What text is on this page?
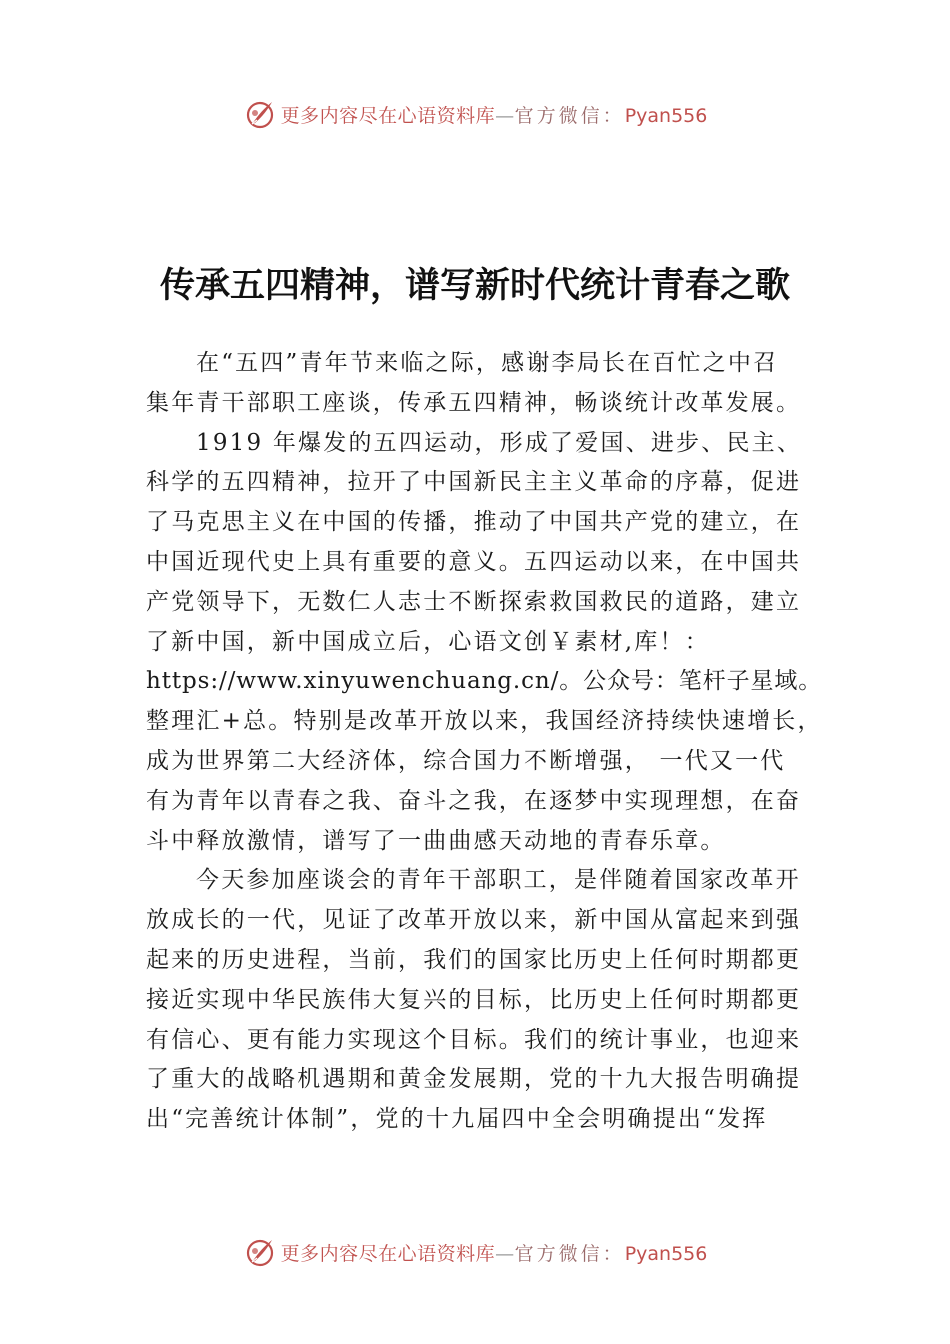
更多内容尽在心语资料库—官方微信：Pyan556
传承五四精神，谱写新时代统计青春之歌
在“五四”青年节来临之际，感谢李局长在百忙之中召
集年青干部职工座谈，传承五四精神，畅谈统计改革发展。
1919 年爆发的五四运动，形成了爱国、进步、民主、
科学的五四精神，拉开了中国新民主主义革命的序幕，促进
了马克思主义在中国的传播，推动了中国共产党的建立，在
中国近现代史上具有重要的意义。五四运动以来，在中国共
产党领导下，无数仁人志士不断探索救国救民的道路，建立
了新中国，新中国成立后，心语文创￥素材,库！：
https://www.xinyuwenchuang.cn/。公众号：笔杆子星域。
整理汇+总。特别是改革开放以来，我国经济持续快速增长，
成为世界第二大经济体，综合国力不断增强， 一代又一代
有为青年以青春之我、奋斗之我，在逐梦中实现理想，在奋
斗中释放激情，谱写了一曲曲感天动地的青春乐章。
今天参加座谈会的青年干部职工，是伴随着国家改革开
放成长的一代，见证了改革开放以来，新中国从富起来到强
起来的历史进程，当前，我们的国家比历史上任何时期都更
接近实现中华民族伟大复兴的目标，比历史上任何时期都更
有信心、更有能力实现这个目标。我们的统计事业，也迎来
了重大的战略机遇期和黄金发展期，党的十九大报告明确提
出“完善统计体制”，党的十九届四中全会明确提出“发挥
更多内容尽在心语资料库—官方微信：Pyan556
